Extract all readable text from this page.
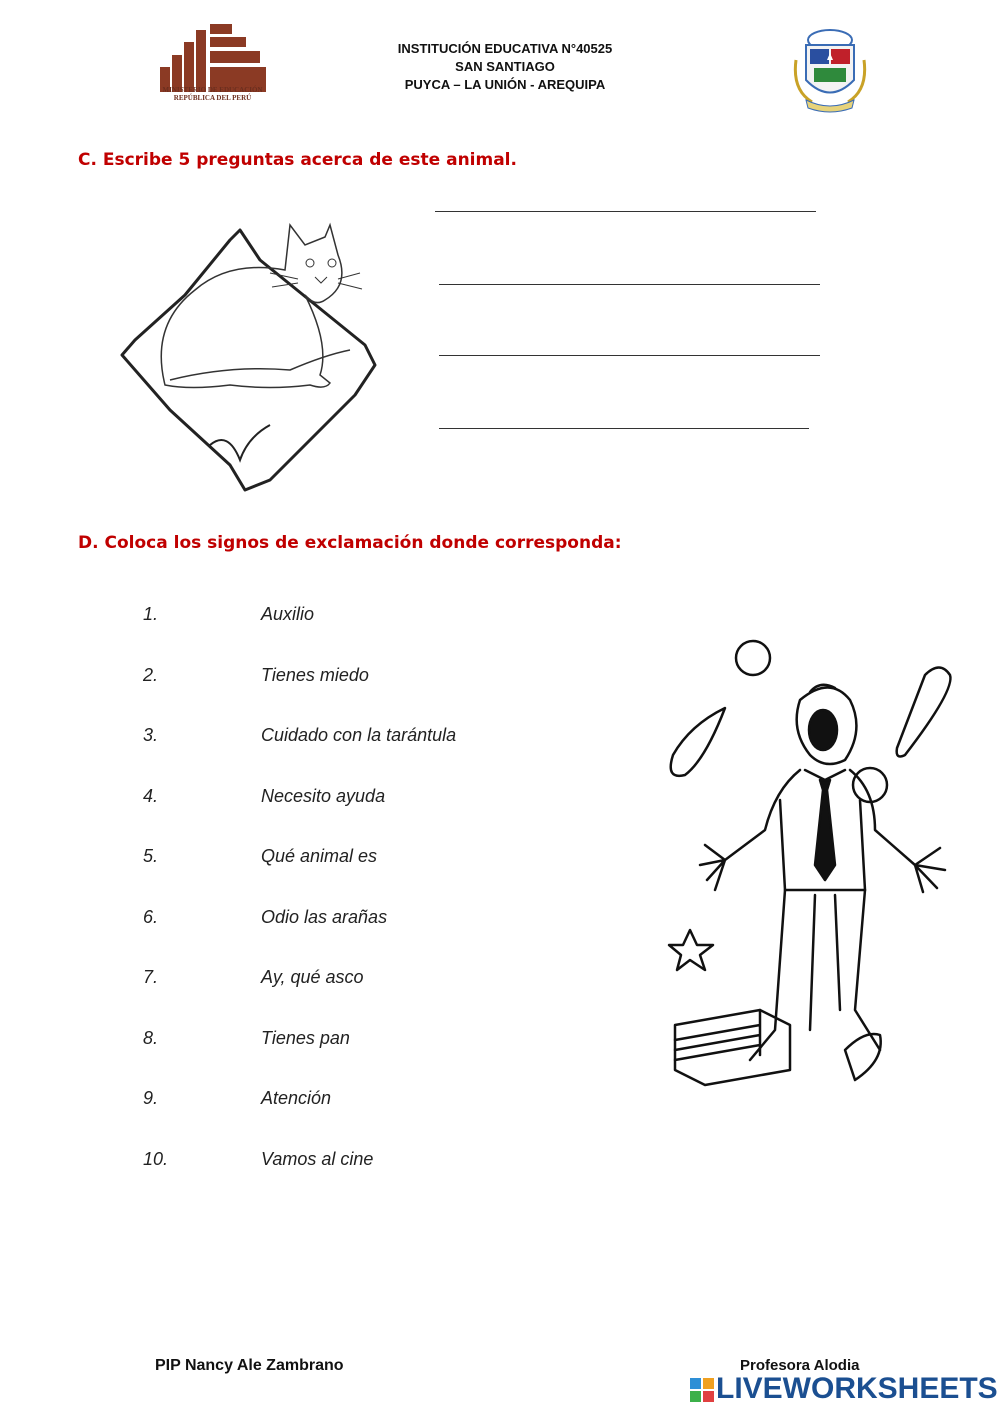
MINISTERIO DE EDUCACIÓN
REPÚBLICA DEL PERÚ
INSTITUCIÓN EDUCATIVA N°40525
SAN SANTIAGO
PUYCA – LA UNIÓN - AREQUIPA
C. Escribe 5 preguntas acerca de este animal.
D. Coloca los signos de exclamación donde corresponda:
1.	Auxilio
2.	Tienes miedo
3.	Cuidado con la tarántula
4.	Necesito ayuda
5.	Qué animal es
6.	Odio las arañas
7.	Ay, qué asco
8.	Tienes pan
9.	Atención
10.	Vamos al cine
PIP Nancy Ale Zambrano	Profesora Alodia
LIVEWORKSHEETS
